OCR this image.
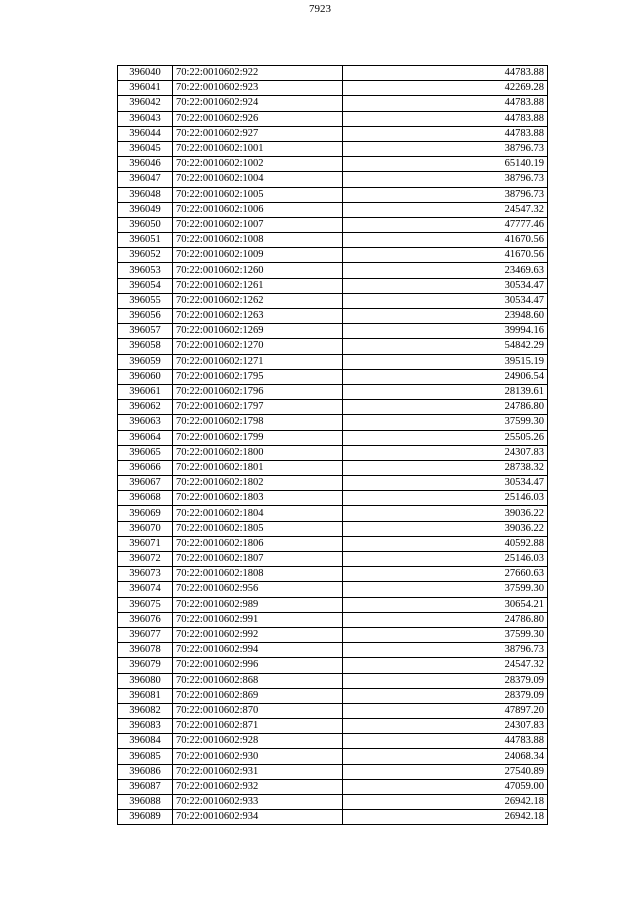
7923
396040	70:22:0010602:922	44783.88
396041	70:22:0010602:923	42269.28
396042	70:22:0010602:924	44783.88
396043	70:22:0010602:926	44783.88
396044	70:22:0010602:927	44783.88
396045	70:22:0010602:1001	38796.73
396046	70:22:0010602:1002	65140.19
396047	70:22:0010602:1004	38796.73
396048	70:22:0010602:1005	38796.73
396049	70:22:0010602:1006	24547.32
396050	70:22:0010602:1007	47777.46
396051	70:22:0010602:1008	41670.56
396052	70:22:0010602:1009	41670.56
396053	70:22:0010602:1260	23469.63
396054	70:22:0010602:1261	30534.47
396055	70:22:0010602:1262	30534.47
396056	70:22:0010602:1263	23948.60
396057	70:22:0010602:1269	39994.16
396058	70:22:0010602:1270	54842.29
396059	70:22:0010602:1271	39515.19
396060	70:22:0010602:1795	24906.54
396061	70:22:0010602:1796	28139.61
396062	70:22:0010602:1797	24786.80
396063	70:22:0010602:1798	37599.30
396064	70:22:0010602:1799	25505.26
396065	70:22:0010602:1800	24307.83
396066	70:22:0010602:1801	28738.32
396067	70:22:0010602:1802	30534.47
396068	70:22:0010602:1803	25146.03
396069	70:22:0010602:1804	39036.22
396070	70:22:0010602:1805	39036.22
396071	70:22:0010602:1806	40592.88
396072	70:22:0010602:1807	25146.03
396073	70:22:0010602:1808	27660.63
396074	70:22:0010602:956	37599.30
396075	70:22:0010602:989	30654.21
396076	70:22:0010602:991	24786.80
396077	70:22:0010602:992	37599.30
396078	70:22:0010602:994	38796.73
396079	70:22:0010602:996	24547.32
396080	70:22:0010602:868	28379.09
396081	70:22:0010602:869	28379.09
396082	70:22:0010602:870	47897.20
396083	70:22:0010602:871	24307.83
396084	70:22:0010602:928	44783.88
396085	70:22:0010602:930	24068.34
396086	70:22:0010602:931	27540.89
396087	70:22:0010602:932	47059.00
396088	70:22:0010602:933	26942.18
396089	70:22:0010602:934	26942.18
